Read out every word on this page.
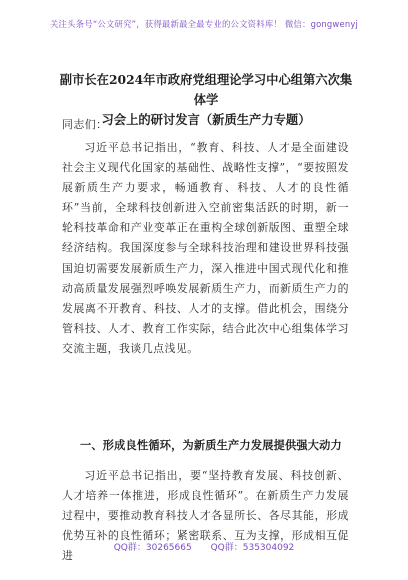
关注头条号“公文研究”，获得最新最全最专业的公文资料库！ 微信：gongwenyj
副市长在2024年市政府党组理论学习中心组第六次集体学
习会上的研讨发言（新质生产力专题）
同志们：
习近平总书记指出，“教育、科技、人才是全面建设社会主义现代化国家的基础性、战略性支撑”，“要按照发展新质生产力要求，畅通教育、科技、人才的良性循环”当前，全球科技创新进入空前密集活跃的时期，新一轮科技革命和产业变革正在重构全球创新版图、重塑全球经济结构。我国深度参与全球科技治理和建设世界科技强国迫切需要发展新质生产力，深入推进中国式现代化和推动高质量发展强烈呼唤发展新质生产力，而新质生产力的发展离不开教育、科技、人才的支撑。借此机会，围绕分管科技、人才、教育工作实际，结合此次中心组集体学习交流主题，我谈几点浅见。
一、形成良性循环，为新质生产力发展提供强大动力
习近平总书记指出，要“坚持教育发展、科技创新、人才培养一体推进，形成良性循环”。在新质生产力发展过程中，要推动教育科技人才各显所长、各尽其能，形成优势互补的良性循环；紧密联系、互为支撑，形成相互促进
QQ群：30265665 QQ群：535304092
